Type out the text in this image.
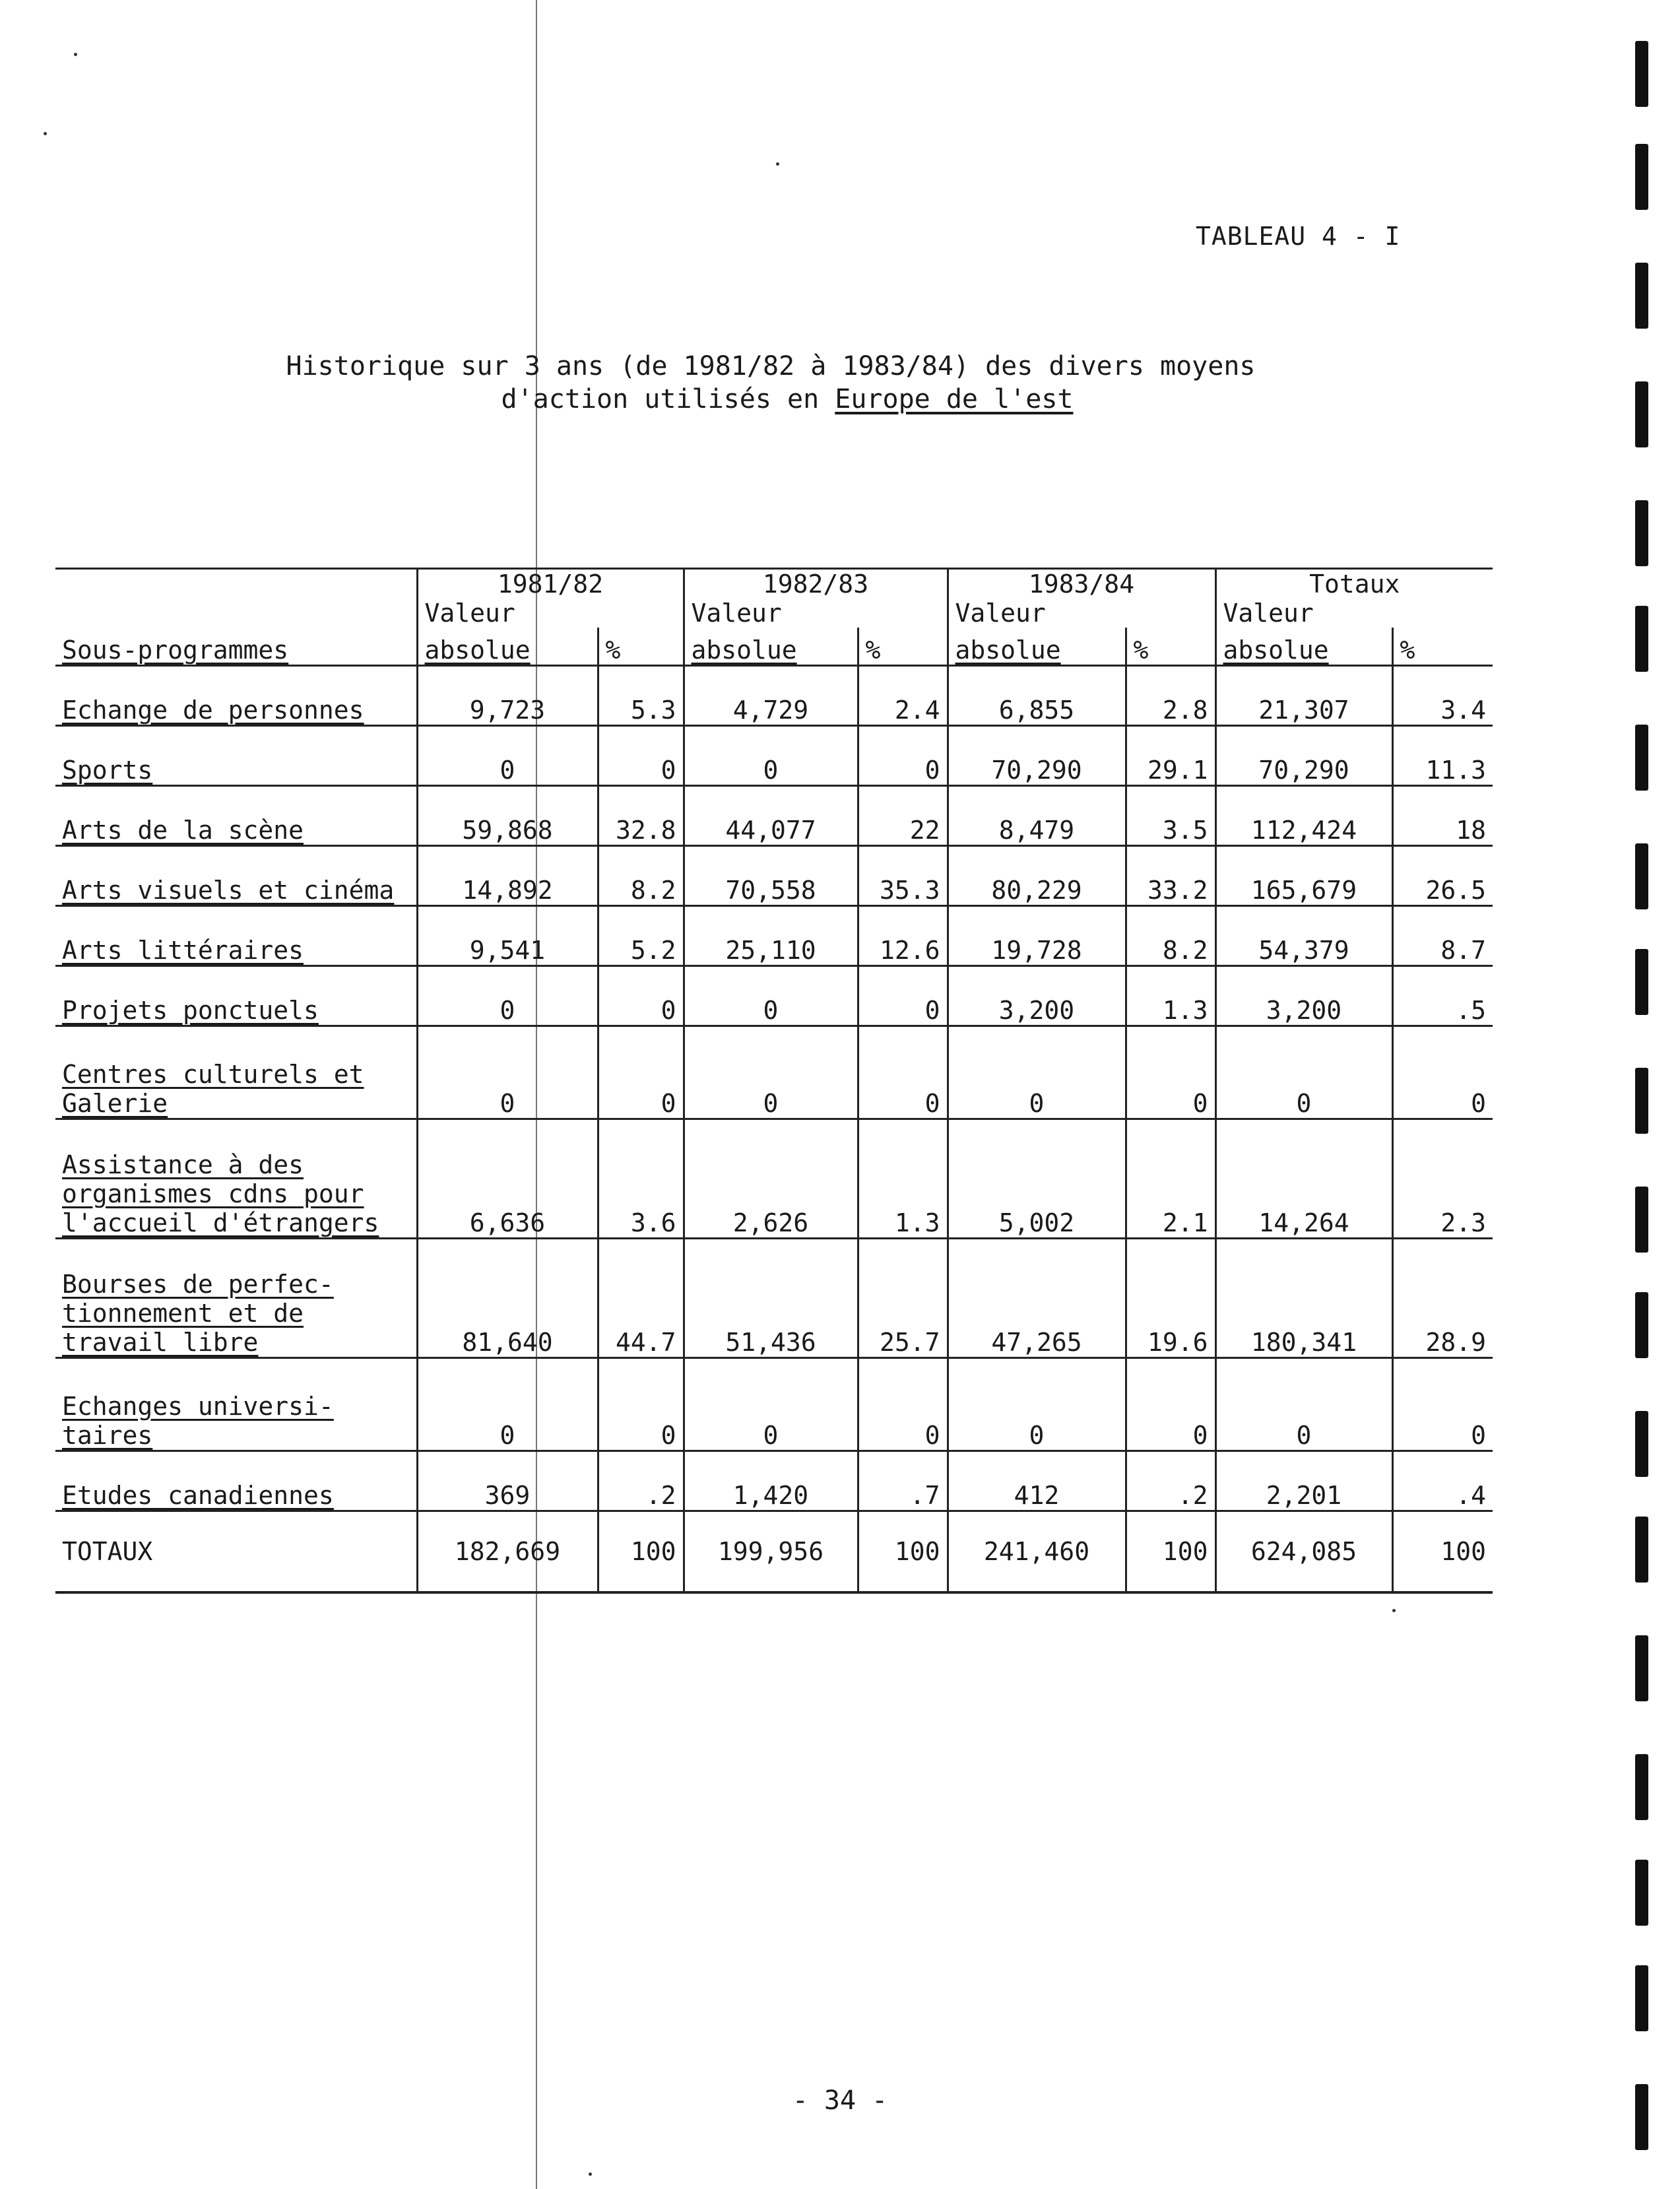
TABLEAU 4 - I
Historique sur 3 ans (de 1981/82 à 1983/84) des divers moyens
d'action utilisés en Europe de l'est
Sous-programmes	1981/82		1982/83		1983/84		Totaux	
	Valeur		Valeur		Valeur		Valeur	
	absolue	%	absolue	%	absolue	%	absolue	%
Echange de personnes	9,723	5.3	4,729	2.4	6,855	2.8	21,307	3.4
Sports	0	0	0	0	70,290	29.1	70,290	11.3
Arts de la scène	59,868	32.8	44,077	22	8,479	3.5	112,424	18
Arts visuels et cinéma	14,892	8.2	70,558	35.3	80,229	33.2	165,679	26.5
Arts littéraires	9,541	5.2	25,110	12.6	19,728	8.2	54,379	8.7
Projets ponctuels	0	0	0	0	3,200	1.3	3,200	.5

Centres culturels et
Galerie	0	0	0	0	0	0	0	0

Assistance à des
organismes cdns pour
l'accueil d'étrangers	6,636	3.6	2,626	1.3	5,002	2.1	14,264	2.3

Bourses de perfec-
tionnement et de
travail libre	81,640	44.7	51,436	25.7	47,265	19.6	180,341	28.9

Echanges universi-
taires	0	0	0	0	0	0	0	0
Etudes canadiennes	369	.2	1,420	.7	412	.2	2,201	.4
TOTAUX	182,669	100	199,956	100	241,460	100	624,085	100
- 34 -
